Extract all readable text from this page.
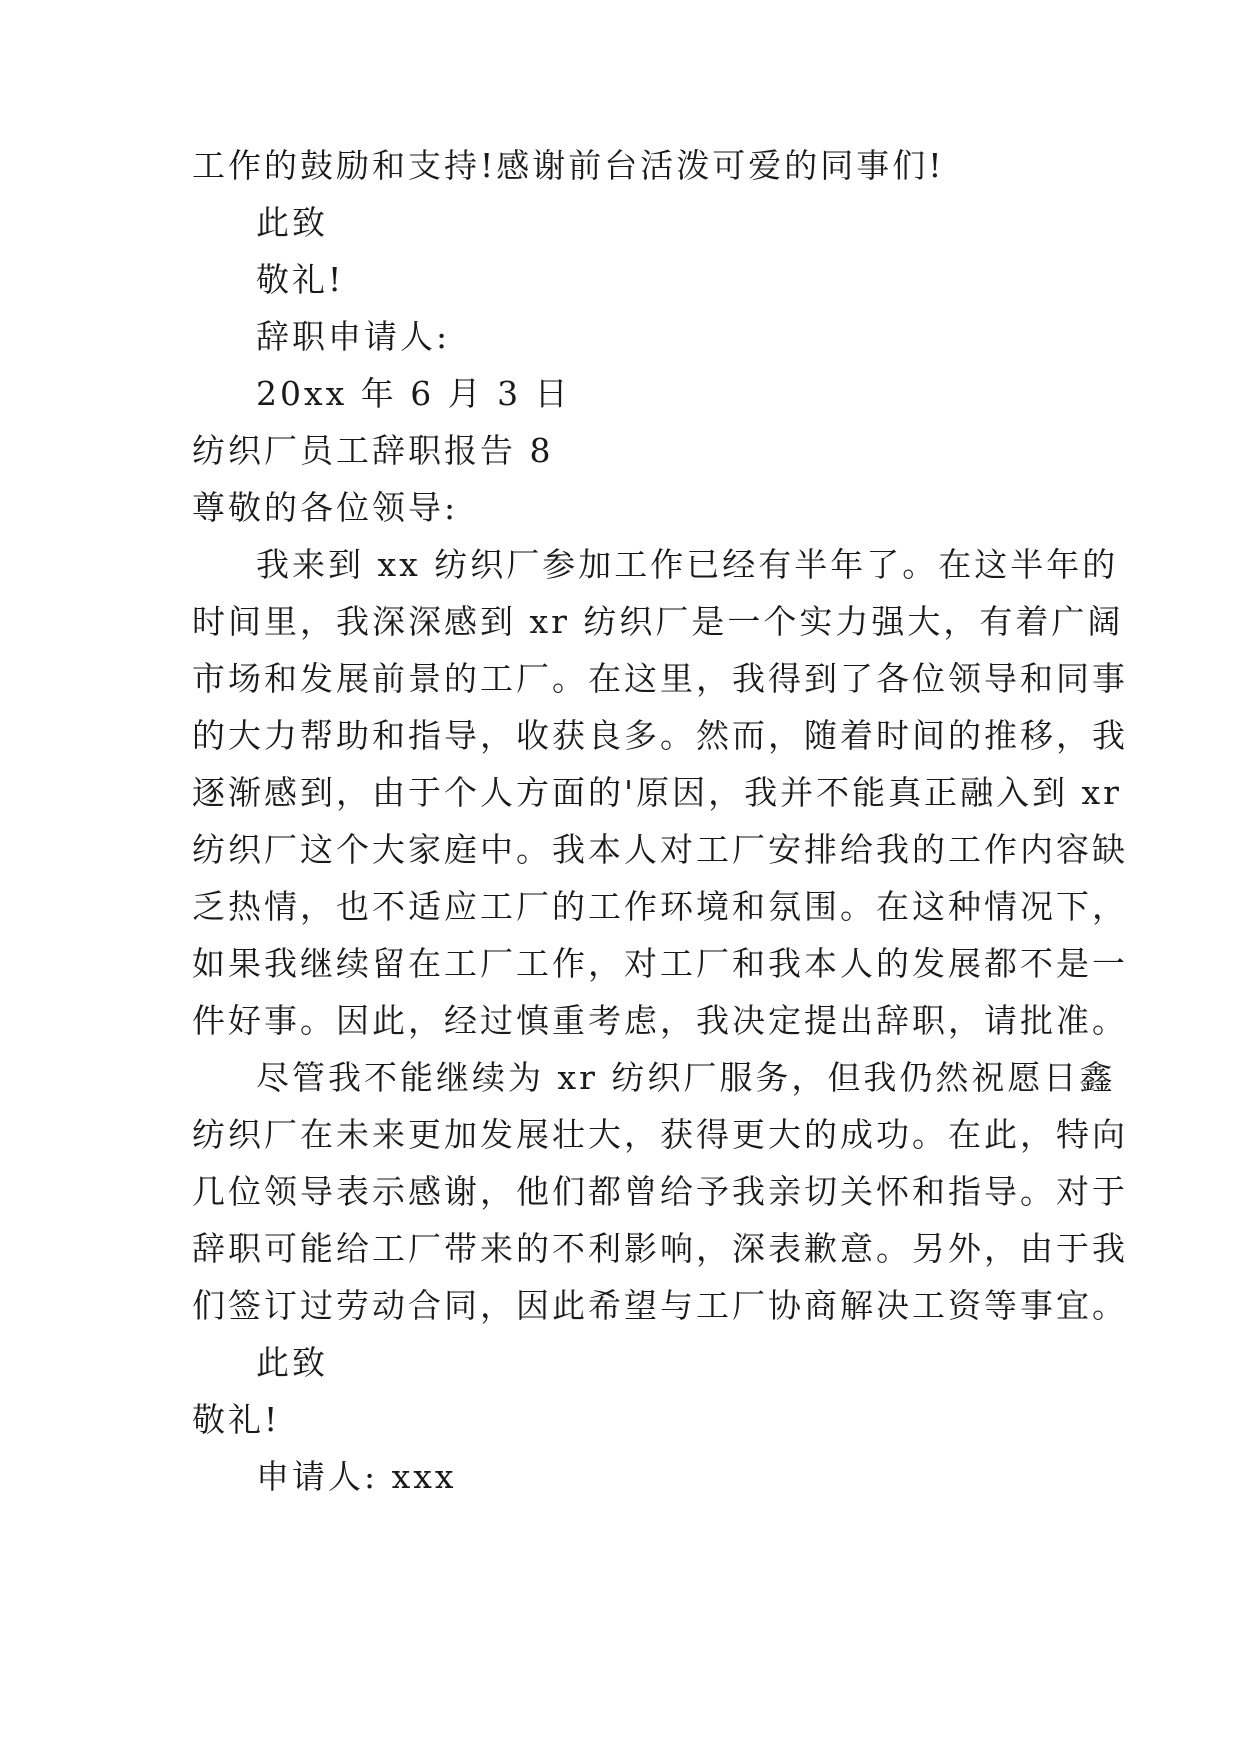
工作的鼓励和支持!感谢前台活泼可爱的同事们!
此致
敬礼!
辞职申请人:
20xx 年 6 月 3 日
纺织厂员工辞职报告 8
尊敬的各位领导:
我来到 xx 纺织厂参加工作已经有半年了。在这半年的
时间里，我深深感到 xr 纺织厂是一个实力强大，有着广阔
市场和发展前景的工厂。在这里，我得到了各位领导和同事
的大力帮助和指导，收获良多。然而，随着时间的推移，我
逐渐感到，由于个人方面的'原因，我并不能真正融入到 xr
纺织厂这个大家庭中。我本人对工厂安排给我的工作内容缺
乏热情，也不适应工厂的工作环境和氛围。在这种情况下，
如果我继续留在工厂工作，对工厂和我本人的发展都不是一
件好事。因此，经过慎重考虑，我决定提出辞职，请批准。
尽管我不能继续为 xr 纺织厂服务，但我仍然祝愿日鑫
纺织厂在未来更加发展壮大，获得更大的成功。在此，特向
几位领导表示感谢，他们都曾给予我亲切关怀和指导。对于
辞职可能给工厂带来的不利影响，深表歉意。另外，由于我
们签订过劳动合同，因此希望与工厂协商解决工资等事宜。
此致
敬礼!
申请人: xxx
